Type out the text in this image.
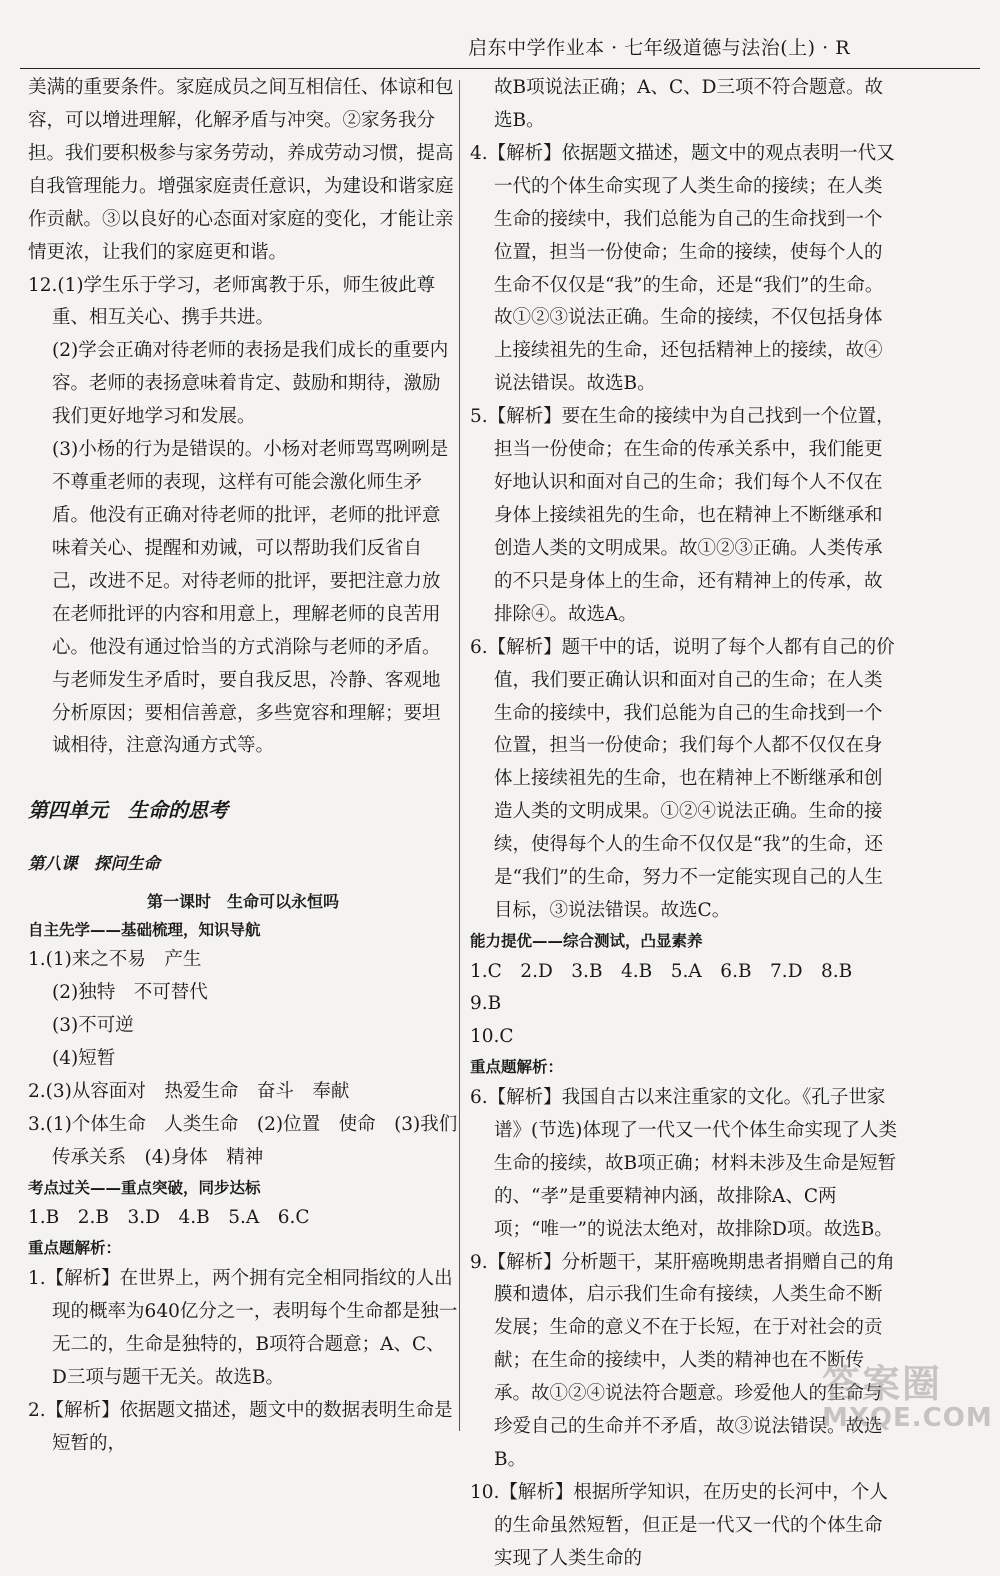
启东中学作业本 · 七年级道德与法治(上) · R

美满的重要条件。家庭成员之间互相信任、体谅和包容，可以增进理解，化解矛盾与冲突。②家务我分担。我们要积极参与家务劳动，养成劳动习惯，提高自我管理能力。增强家庭责任意识，为建设和谐家庭作贡献。③以良好的心态面对家庭的变化，才能让亲情更浓，让我们的家庭更和谐。

12.(1)学生乐于学习，老师寓教于乐，师生彼此尊重、相互关心、携手共进。

(2)学会正确对待老师的表扬是我们成长的重要内容。老师的表扬意味着肯定、鼓励和期待，激励我们更好地学习和发展。

(3)小杨的行为是错误的。小杨对老师骂骂咧咧是不尊重老师的表现，这样有可能会激化师生矛盾。他没有正确对待老师的批评，老师的批评意味着关心、提醒和劝诫，可以帮助我们反省自己，改进不足。对待老师的批评，要把注意力放在老师批评的内容和用意上，理解老师的良苦用心。他没有通过恰当的方式消除与老师的矛盾。与老师发生矛盾时，要自我反思，冷静、客观地分析原因；要相信善意，多些宽容和理解；要坦诚相待，注意沟通方式等。

第四单元　生命的思考

第八课　探问生命

第一课时　生命可以永恒吗

自主先学——基础梳理，知识导航

1.(1)来之不易　产生

(2)独特　不可替代

(3)不可逆

(4)短暂

2.(3)从容面对　热爱生命　奋斗　奉献

3.(1)个体生命　人类生命　(2)位置　使命　(3)我们　传承关系　(4)身体　精神

考点过关——重点突破，同步达标

1.B　2.B　3.D　4.B　5.A　6.C

重点题解析：

1.【解析】在世界上，两个拥有完全相同指纹的人出现的概率为640亿分之一，表明每个生命都是独一无二的，生命是独特的，B项符合题意；A、C、D三项与题干无关。故选B。

2.【解析】依据题文描述，题文中的数据表明生命是短暂的，

故B项说法正确；A、C、D三项不符合题意。故选B。

4.【解析】依据题文描述，题文中的观点表明一代又一代的个体生命实现了人类生命的接续；在人类生命的接续中，我们总能为自己的生命找到一个位置，担当一份使命；生命的接续，使每个人的生命不仅仅是“我”的生命，还是“我们”的生命。故①②③说法正确。生命的接续，不仅包括身体上接续祖先的生命，还包括精神上的接续，故④说法错误。故选B。

5.【解析】要在生命的接续中为自己找到一个位置，担当一份使命；在生命的传承关系中，我们能更好地认识和面对自己的生命；我们每个人不仅在身体上接续祖先的生命，也在精神上不断继承和创造人类的文明成果。故①②③正确。人类传承的不只是身体上的生命，还有精神上的传承，故排除④。故选A。

6.【解析】题干中的话，说明了每个人都有自己的价值，我们要正确认识和面对自己的生命；在人类生命的接续中，我们总能为自己的生命找到一个位置，担当一份使命；我们每个人都不仅仅在身体上接续祖先的生命，也在精神上不断继承和创造人类的文明成果。①②④说法正确。生命的接续，使得每个人的生命不仅仅是“我”的生命，还是“我们”的生命，努力不一定能实现自己的人生目标，③说法错误。故选C。

能力提优——综合测试，凸显素养

1.C　2.D　3.B　4.B　5.A　6.B　7.D　8.B　9.B

10.C

重点题解析：

6.【解析】我国自古以来注重家的文化。《孔子世家谱》(节选)体现了一代又一代个体生命实现了人类生命的接续，故B项正确；材料未涉及生命是短暂的、“孝”是重要精神内涵，故排除A、C两项；“唯一”的说法太绝对，故排除D项。故选B。

9.【解析】分析题干，某肝癌晚期患者捐赠自己的角膜和遗体，启示我们生命有接续，人类生命不断发展；生命的意义不在于长短，在于对社会的贡献；在生命的接续中，人类的精神也在不断传承。故①②④说法符合题意。珍爱他人的生命与珍爱自己的生命并不矛盾，故③说法错误。故选B。

10.【解析】根据所学知识，在历史的长河中，个人的生命虽然短暂，但正是一代又一代的个体生命实现了人类生命的

答案圈
MXQE.COM
